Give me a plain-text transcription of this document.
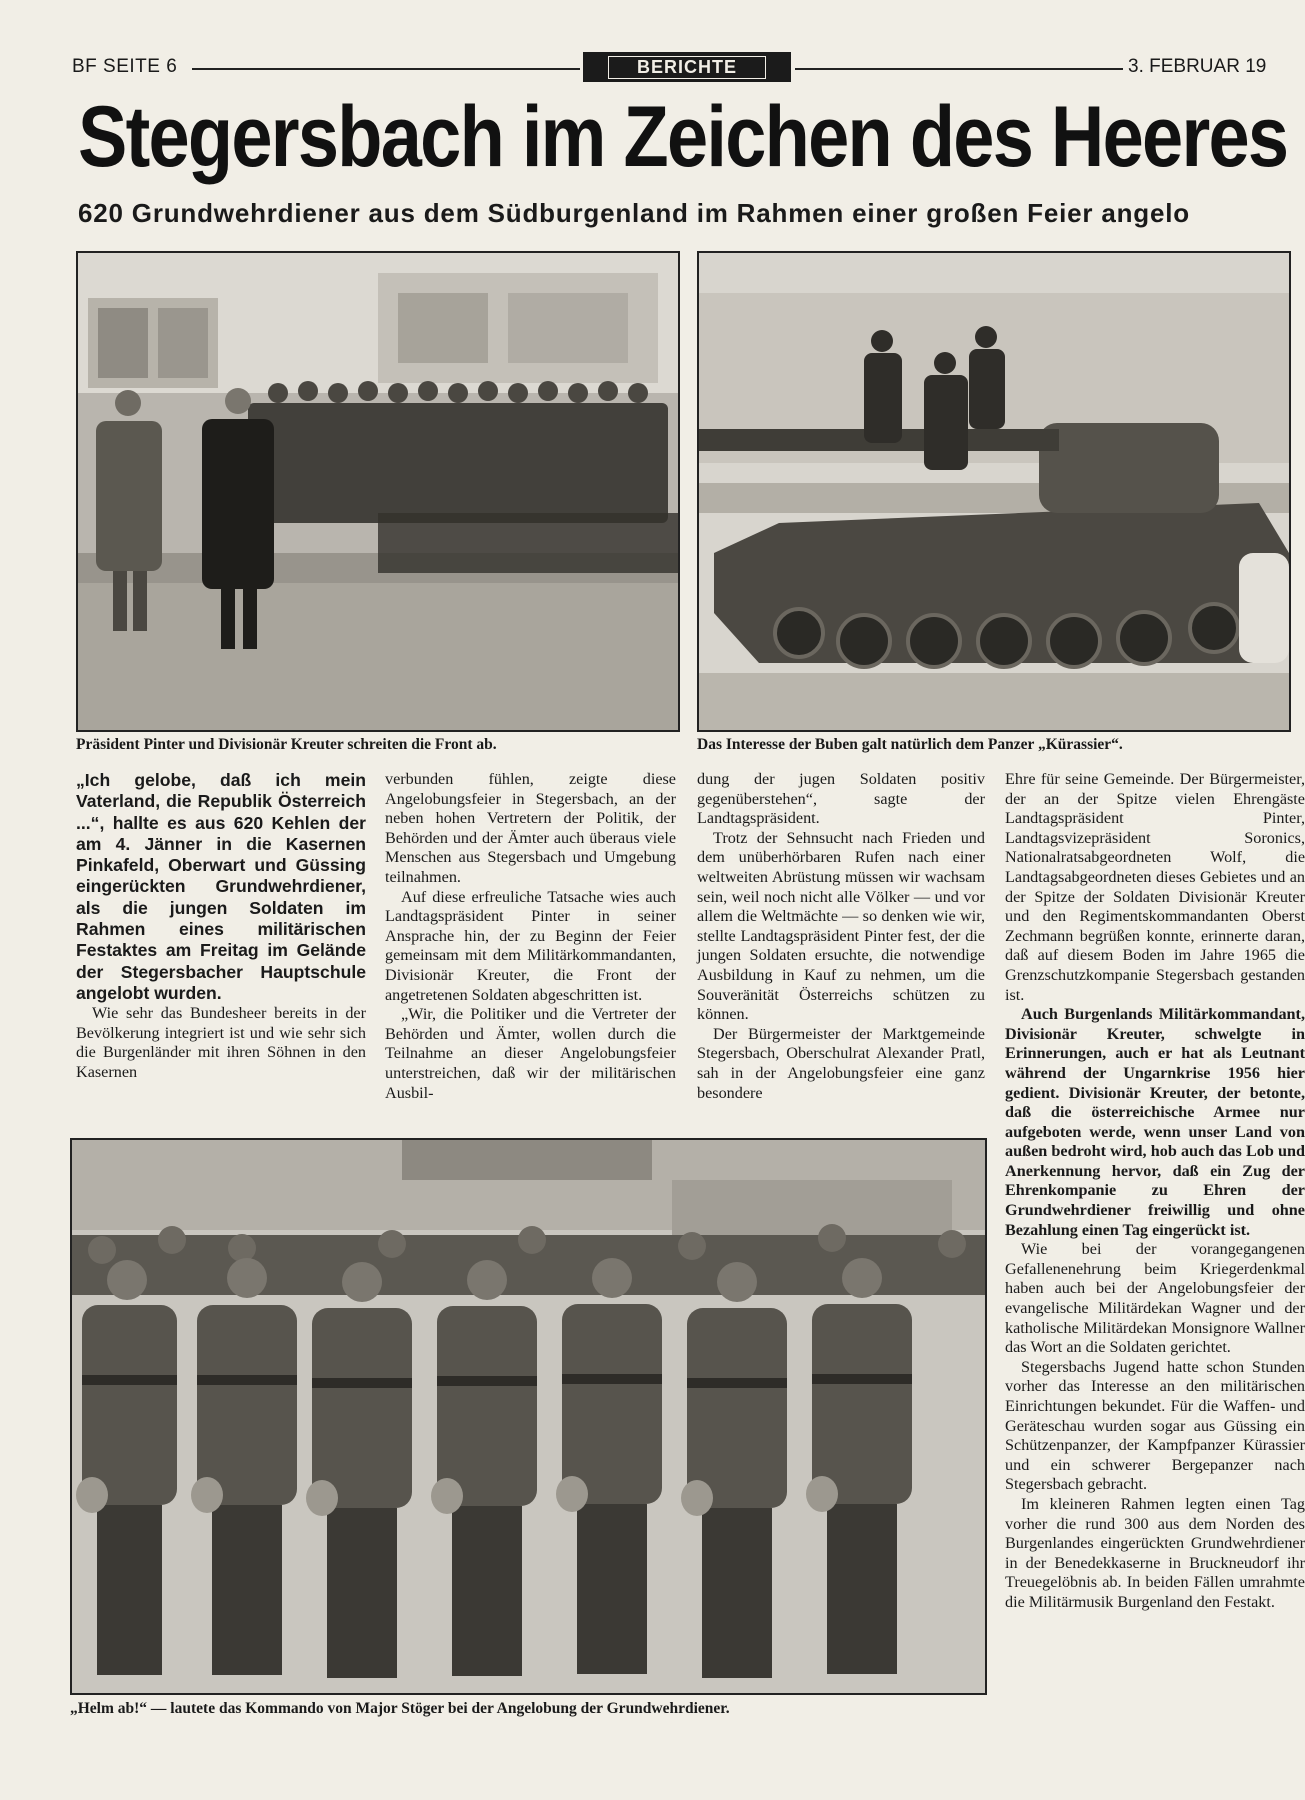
BF SEITE 6	BERICHTE	3. FEBRUAR 19
Stegersbach im Zeichen des Heeres
620 Grundwehrdiener aus dem Südburgenland im Rahmen einer großen Feier angelo
Präsident Pinter und Divisionär Kreuter schreiten die Front ab.	Das Interesse der Buben galt natürlich dem Panzer „Kürassier“.

„Ich gelobe, daß ich mein Vaterland, die Republik Österreich ...“, hallte es aus 620 Kehlen der am 4. Jänner in die Kasernen Pinkafeld, Oberwart und Güssing eingerückten Grundwehrdiener, als die jungen Soldaten im Rahmen eines militärischen Festaktes am Freitag im Gelände der Stegersbacher Hauptschule angelobt wurden.

Wie sehr das Bundesheer bereits in der Bevölkerung integriert ist und wie sehr sich die Burgenländer mit ihren Söhnen in den Kasernen

verbunden fühlen, zeigte diese Angelobungsfeier in Stegersbach, an der neben hohen Vertretern der Politik, der Behörden und der Ämter auch überaus viele Menschen aus Stegersbach und Umgebung teilnahmen.

Auf diese erfreuliche Tatsache wies auch Landtagspräsident Pinter in seiner Ansprache hin, der zu Beginn der Feier gemeinsam mit dem Militärkommandanten, Divisionär Kreuter, die Front der angetretenen Soldaten abgeschritten ist.

„Wir, die Politiker und die Vertreter der Behörden und Ämter, wollen durch die Teilnahme an dieser Angelobungsfeier unterstreichen, daß wir der militärischen Ausbil-

dung der jugen Soldaten positiv gegenüberstehen“, sagte der Landtagspräsident.

Trotz der Sehnsucht nach Frieden und dem unüberhörbaren Rufen nach einer weltweiten Abrüstung müssen wir wachsam sein, weil noch nicht alle Völker — und vor allem die Weltmächte — so denken wie wir, stellte Landtagspräsident Pinter fest, der die jungen Soldaten ersuchte, die notwendige Ausbildung in Kauf zu nehmen, um die Souveränität Österreichs schützen zu können.

Der Bürgermeister der Marktgemeinde Stegersbach, Oberschulrat Alexander Pratl, sah in der Angelobungsfeier eine ganz besondere

Ehre für seine Gemeinde. Der Bürgermeister, der an der Spitze vielen Ehrengäste Landtagspräsident Pinter, Landtagsvizepräsident Soronics, Nationalratsabgeordneten Wolf, die Landtagsabgeordneten dieses Gebietes und an der Spitze der Soldaten Divisionär Kreuter und den Regimentskommandanten Oberst Zechmann begrüßen konnte, erinnerte daran, daß auf diesem Boden im Jahre 1965 die Grenzschutzkompanie Stegersbach gestanden ist.

Auch Burgenlands Militärkommandant, Divisionär Kreuter, schwelgte in Erinnerungen, auch er hat als Leutnant während der Ungarnkrise 1956 hier gedient. Divisionär Kreuter, der betonte, daß die österreichische Armee nur aufgeboten werde, wenn unser Land von außen bedroht wird, hob auch das Lob und Anerkennung hervor, daß ein Zug der Ehrenkompanie zu Ehren der Grundwehrdiener freiwillig und ohne Bezahlung einen Tag eingerückt ist.

Wie bei der vorangegangenen Gefallenenehrung beim Kriegerdenkmal haben auch bei der Angelobungsfeier der evangelische Militärdekan Wagner und der katholische Militärdekan Monsignore Wallner das Wort an die Soldaten gerichtet.

Stegersbachs Jugend hatte schon Stunden vorher das Interesse an den militärischen Einrichtungen bekundet. Für die Waffen- und Geräteschau wurden sogar aus Güssing ein Schützenpanzer, der Kampfpanzer Kürassier und ein schwerer Bergepanzer nach Stegersbach gebracht.

Im kleineren Rahmen legten einen Tag vorher die rund 300 aus dem Norden des Burgenlandes eingerückten Grundwehrdiener in der Benedekkaserne in Bruckneudorf ihr Treuegelöbnis ab. In beiden Fällen umrahmte die Militärmusik Burgenland den Festakt.

„Helm ab!“ — lautete das Kommando von Major Stöger bei der Angelobung der Grundwehrdiener.
